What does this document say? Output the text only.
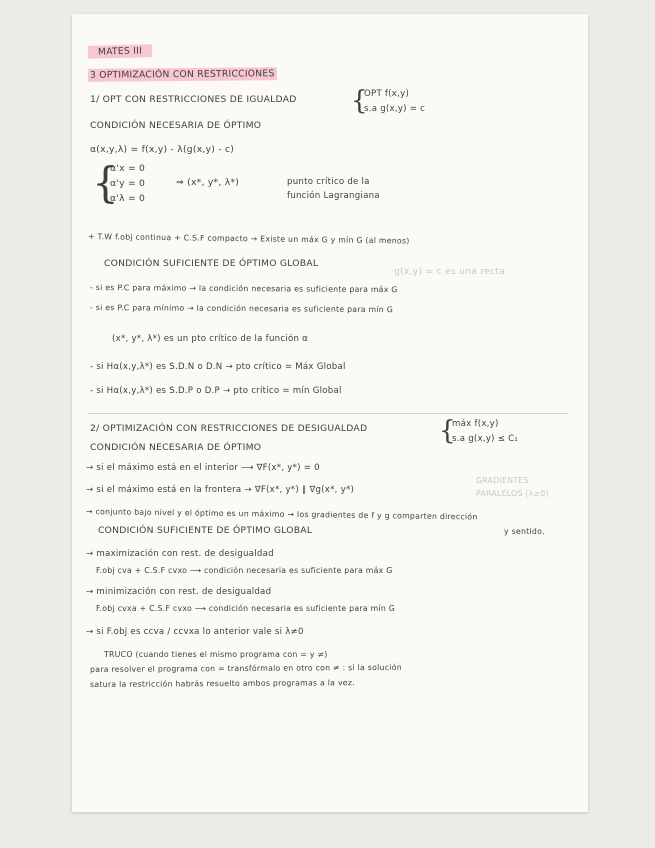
MATES III
3 OPTIMIZACIÓN CON RESTRICCIONES
1/ OPT CON RESTRICCIONES DE IGUALDAD {
OPT f(x,y)
s.a g(x,y) = c
CONDICIÓN NECESARIA DE ÓPTIMO
α(x,y,λ) = f(x,y) - λ(g(x,y) - c)
{
α'x = 0
α'y = 0
α'λ = 0
⇒ (x*, y*, λ*)	punto crítico de la
función Lagrangiana
+ T.W f.obj continua + C.S.F compacto → Existe un máx G y mín G (al menos)
CONDICIÓN SUFICIENTE DE ÓPTIMO GLOBAL
g(x,y) = c es una recta
- si es P.C para máximo → la condición necesaria es suficiente para máx G
- si es P.C para mínimo → la condición necesaria es suficiente para mín G
(x*, y*, λ*) es un pto crítico de la función α
- si Hα(x,y,λ*) es S.D.N o D.N → pto crítico = Máx Global
- si Hα(x,y,λ*) es S.D.P o D.P → pto crítico = mín Global
2/ OPTIMIZACIÓN CON RESTRICCIONES DE DESIGUALDAD	{
máx f(x,y)
s.a g(x,y) ≤ C₁
CONDICIÓN NECESARIA DE ÓPTIMO
→ si el máximo está en el interior ⟶ ∇F(x*, y*) = 0
→ si el máximo está en la frontera → ∇F(x*, y*) ∥ ∇g(x*, y*)
GRADIENTES
PARALELOS (λ≥0)
→ conjunto bajo nivel y el óptimo es un máximo → los gradientes de f y g comparten dirección
y sentido.
CONDICIÓN SUFICIENTE DE ÓPTIMO GLOBAL
→ maximización con rest. de desigualdad
F.obj cva + C.S.F cvxo ⟶ condición necesaria es suficiente para máx G
→ minimización con rest. de desigualdad
F.obj cvxa + C.S.F cvxo ⟶ condición necesaria es suficiente para mín G
→ si F.obj es ccva / ccvxa lo anterior vale si λ≠0
TRUCO (cuando tienes el mismo programa con = y ≠)
para resolver el programa con = transfórmalo en otro con ≠ : si la solución
satura la restricción habrás resuelto ambos programas a la vez.
